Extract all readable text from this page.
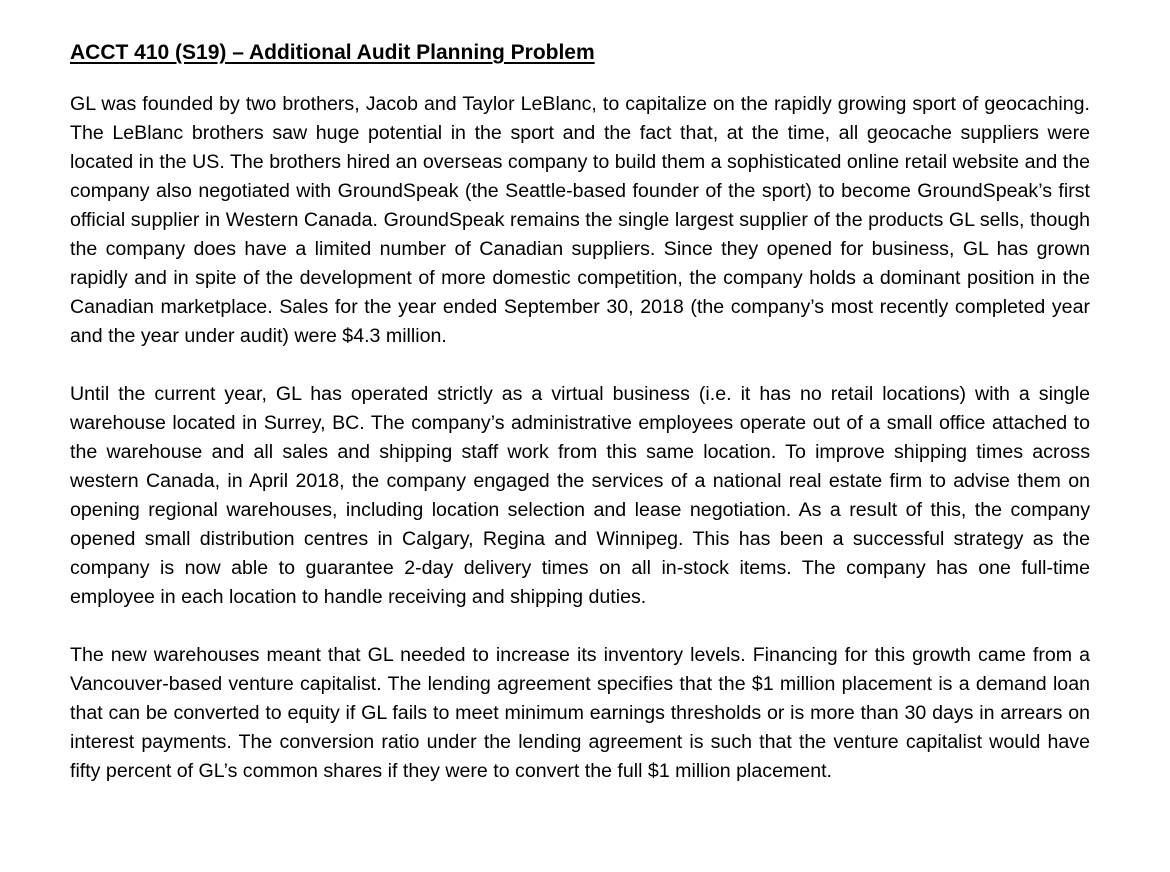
ACCT 410 (S19) – Additional Audit Planning Problem

GL was founded by two brothers, Jacob and Taylor LeBlanc, to capitalize on the rapidly growing sport of geocaching. The LeBlanc brothers saw huge potential in the sport and the fact that, at the time, all geocache suppliers were located in the US. The brothers hired an overseas company to build them a sophisticated online retail website and the company also negotiated with GroundSpeak (the Seattle-based founder of the sport) to become GroundSpeak’s first official supplier in Western Canada. GroundSpeak remains the single largest supplier of the products GL sells, though the company does have a limited number of Canadian suppliers. Since they opened for business, GL has grown rapidly and in spite of the development of more domestic competition, the company holds a dominant position in the Canadian marketplace. Sales for the year ended September 30, 2018 (the company’s most recently completed year and the year under audit) were $4.3 million.

Until the current year, GL has operated strictly as a virtual business (i.e. it has no retail locations) with a single warehouse located in Surrey, BC. The company’s administrative employees operate out of a small office attached to the warehouse and all sales and shipping staff work from this same location. To improve shipping times across western Canada, in April 2018, the company engaged the services of a national real estate firm to advise them on opening regional warehouses, including location selection and lease negotiation. As a result of this, the company opened small distribution centres in Calgary, Regina and Winnipeg. This has been a successful strategy as the company is now able to guarantee 2-day delivery times on all in-stock items. The company has one full-time employee in each location to handle receiving and shipping duties.

The new warehouses meant that GL needed to increase its inventory levels. Financing for this growth came from a Vancouver-based venture capitalist. The lending agreement specifies that the $1 million placement is a demand loan that can be converted to equity if GL fails to meet minimum earnings thresholds or is more than 30 days in arrears on interest payments. The conversion ratio under the lending agreement is such that the venture capitalist would have fifty percent of GL’s common shares if they were to convert the full $1 million placement.
